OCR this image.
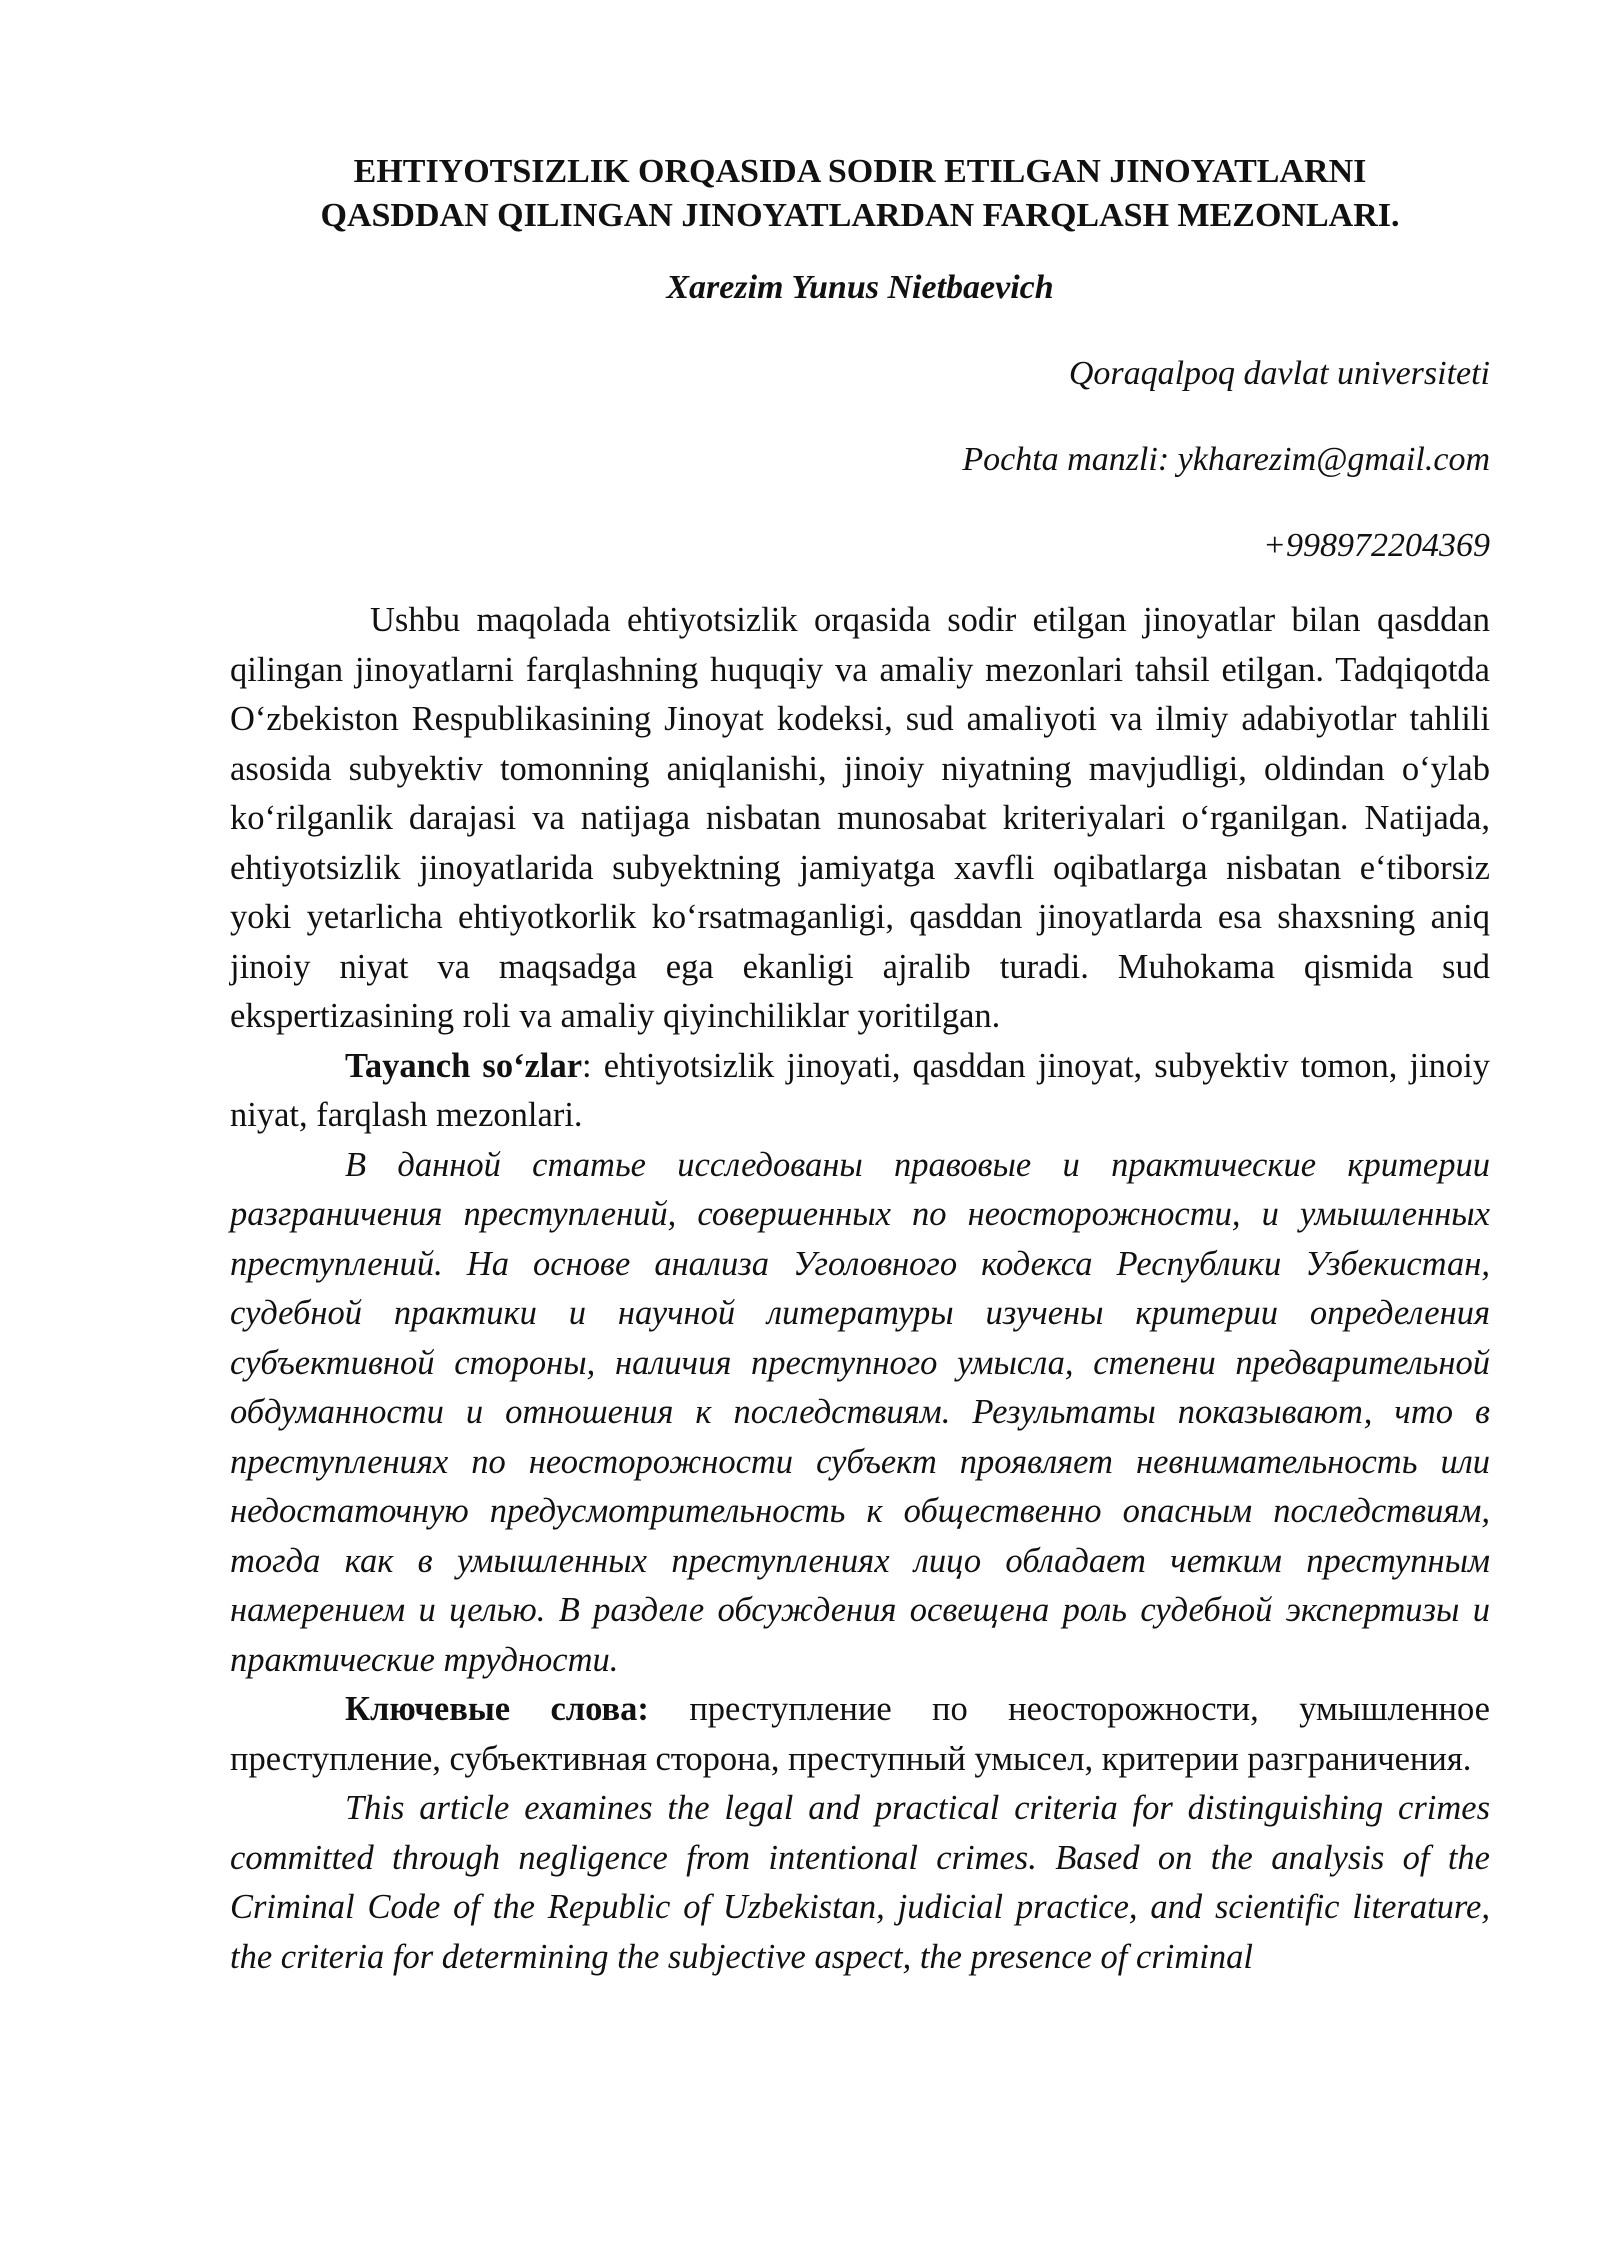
EHTIYOTSIZLIK ORQASIDA SODIR ETILGAN JINOYATLARNI
QASDDAN QILINGAN JINOYATLARDAN FARQLASH MEZONLARI.
Xarezim Yunus Nietbaevich
Qoraqalpoq davlat universiteti
Pochta manzli: ykharezim@gmail.com
+998972204369

Ushbu maqolada ehtiyotsizlik orqasida sodir etilgan jinoyatlar bilan qasddan qilingan jinoyatlarni farqlashning huquqiy va amaliy mezonlari tahsil etilgan. Tadqiqotda O‘zbekiston Respublikasining Jinoyat kodeksi, sud amaliyoti va ilmiy adabiyotlar tahlili asosida subyektiv tomonning aniqlanishi, jinoiy niyatning mavjudligi, oldindan o‘ylab ko‘rilganlik darajasi va natijaga nisbatan munosabat kriteriyalari o‘rganilgan. Natijada, ehtiyotsizlik jinoyatlarida subyektning jamiyatga xavfli oqibatlarga nisbatan e‘tiborsiz yoki yetarlicha ehtiyotkorlik ko‘rsatmaganligi, qasddan jinoyatlarda esa shaxsning aniq jinoiy niyat va maqsadga ega ekanligi ajralib turadi. Muhokama qismida sud ekspertizasining roli va amaliy qiyinchiliklar yoritilgan.

Tayanch so‘zlar: ehtiyotsizlik jinoyati, qasddan jinoyat, subyektiv tomon, jinoiy niyat, farqlash mezonlari.

В данной статье исследованы правовые и практические критерии разграничения преступлений, совершенных по неосторожности, и умышленных преступлений. На основе анализа Уголовного кодекса Республики Узбекистан, судебной практики и научной литературы изучены критерии определения субъективной стороны, наличия преступного умысла, степени предварительной обдуманности и отношения к последствиям. Результаты показывают, что в преступлениях по неосторожности субъект проявляет невнимательность или недостаточную предусмотрительность к общественно опасным последствиям, тогда как в умышленных преступлениях лицо обладает четким преступным намерением и целью. В разделе обсуждения освещена роль судебной экспертизы и практические трудности.

Ключевые слова: преступление по неосторожности, умышленное преступление, субъективная сторона, преступный умысел, критерии разграничения.

This article examines the legal and practical criteria for distinguishing crimes committed through negligence from intentional crimes. Based on the analysis of the Criminal Code of the Republic of Uzbekistan, judicial practice, and scientific literature, the criteria for determining the subjective aspect, the presence of criminal
